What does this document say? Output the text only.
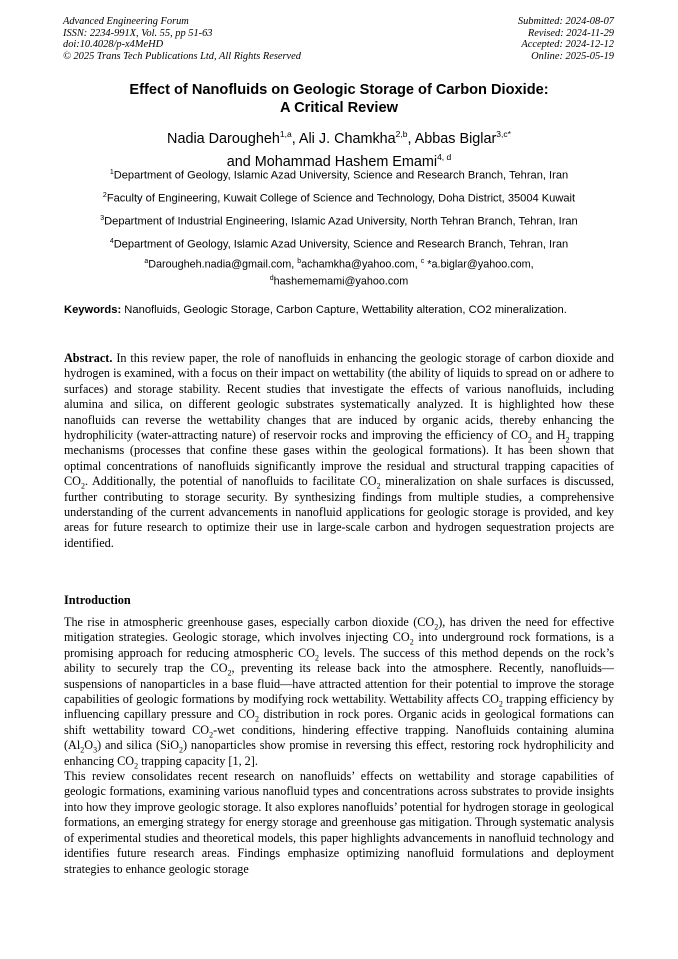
Advanced Engineering Forum
ISSN: 2234-991X, Vol. 55, pp 51-63
doi:10.4028/p-x4MeHD
© 2025 Trans Tech Publications Ltd, All Rights Reserved
Submitted: 2024-08-07
Revised: 2024-11-29
Accepted: 2024-12-12
Online: 2025-05-19
Effect of Nanofluids on Geologic Storage of Carbon Dioxide:
A Critical Review
Nadia Darougheh$^{1,a}$, Ali J. Chamkha$^{2,b}$, Abbas Biglar$^{3,c*}$
and Mohammad Hashem Emami$^{4, d}$
$^1$Department of Geology, Islamic Azad University, Science and Research Branch, Tehran, Iran
$^2$Faculty of Engineering, Kuwait College of Science and Technology, Doha District, 35004 Kuwait
$^3$Department of Industrial Engineering, Islamic Azad University, North Tehran Branch, Tehran, Iran
$^4$Department of Geology, Islamic Azad University, Science and Research Branch, Tehran, Iran
$^a$Darougheh.nadia@gmail.com, $^b$achamkha@yahoo.com, $^c$ *a.biglar@yahoo.com,
$^d$hashememami@yahoo.com
Keywords: Nanofluids, Geologic Storage, Carbon Capture, Wettability alteration, CO2 mineralization.
Abstract. In this review paper, the role of nanofluids in enhancing the geologic storage of carbon dioxide and hydrogen is examined, with a focus on their impact on wettability (the ability of liquids to spread on or adhere to surfaces) and storage stability. Recent studies that investigate the effects of various nanofluids, including alumina and silica, on different geologic substrates systematically analyzed. It is highlighted how these nanofluids can reverse the wettability changes that are induced by organic acids, thereby enhancing the hydrophilicity (water-attracting nature) of reservoir rocks and improving the efficiency of $CO_2$ and $H_2$ trapping mechanisms (processes that confine these gases within the geological formations). It has been shown that optimal concentrations of nanofluids significantly improve the residual and structural trapping capacities of $CO_2$. Additionally, the potential of nanofluids to facilitate $CO_2$ mineralization on shale surfaces is discussed, further contributing to storage security. By synthesizing findings from multiple studies, a comprehensive understanding of the current advancements in nanofluid applications for geologic storage is provided, and key areas for future research to optimize their use in large-scale carbon and hydrogen sequestration projects are identified.
Introduction

The rise in atmospheric greenhouse gases, especially carbon dioxide $(CO_2)$, has driven the need for effective mitigation strategies. Geologic storage, which involves injecting $CO_2$ into underground rock formations, is a promising approach for reducing atmospheric $CO_2$ levels. The success of this method depends on the rock’s ability to securely trap the $CO_2$, preventing its release back into the atmosphere. Recently, nanofluids—suspensions of nanoparticles in a base fluid—have attracted attention for their potential to improve the storage capabilities of geologic formations by modifying rock wettability. Wettability affects $CO_2$ trapping efficiency by influencing capillary pressure and $CO_2$ distribution in rock pores. Organic acids in geological formations can shift wettability toward $CO_2$-wet conditions, hindering effective trapping. Nanofluids containing alumina $(Al_2O_3)$ and silica (SiO$_2$) nanoparticles show promise in reversing this effect, restoring rock hydrophilicity and enhancing $CO_2$ trapping capacity [1, 2].

This review consolidates recent research on nanofluids’ effects on wettability and storage capabilities of geologic formations, examining various nanofluid types and concentrations across substrates to provide insights into how they improve geologic storage. It also explores nanofluids’ potential for hydrogen storage in geological formations, an emerging strategy for energy storage and greenhouse gas mitigation. Through systematic analysis of experimental studies and theoretical models, this paper highlights advancements in nanofluid technology and identifies future research areas. Findings emphasize optimizing nanofluid formulations and deployment strategies to enhance geologic storage
